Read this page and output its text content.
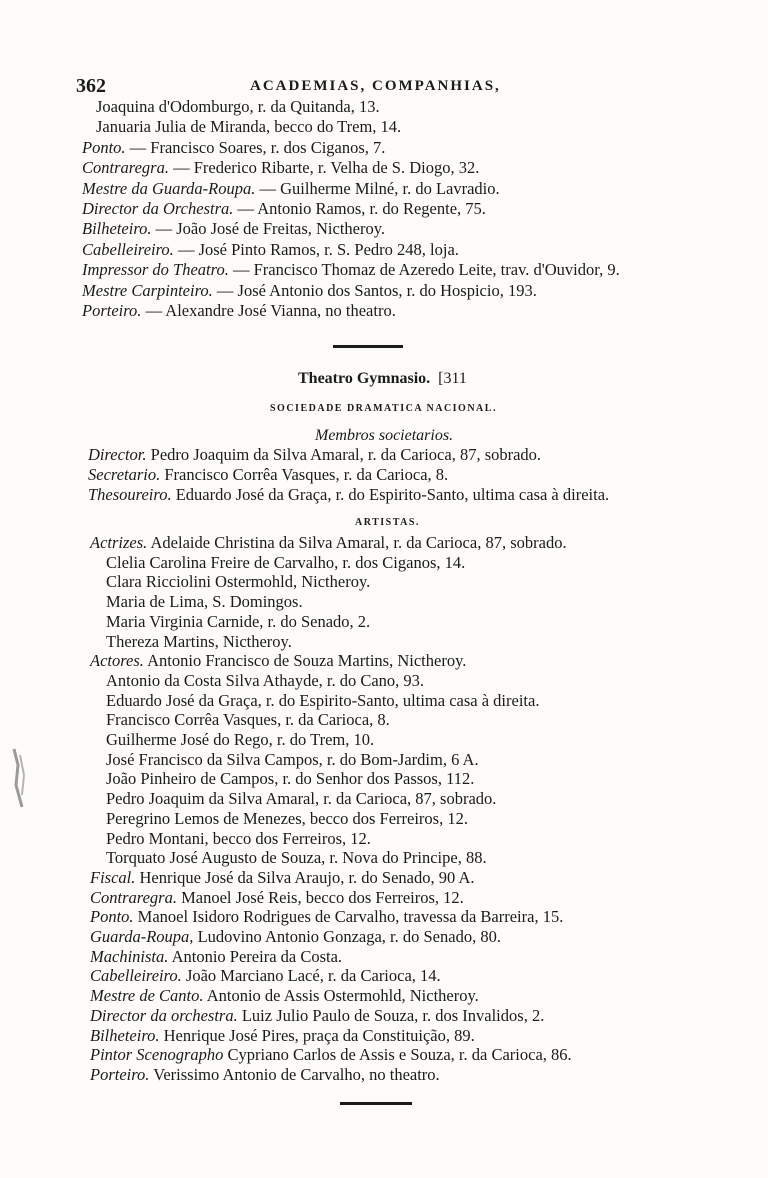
362	ACADEMIAS, COMPANHIAS,
Joaquina d'Odomburgo, r. da Quitanda, 13.
Januaria Julia de Miranda, becco do Trem, 14.
Ponto. — Francisco Soares, r. dos Ciganos, 7.
Contraregra. — Frederico Ribarte, r. Velha de S. Diogo, 32.
Mestre da Guarda-Roupa. — Guilherme Milné, r. do Lavradio.
Director da Orchestra. — Antonio Ramos, r. do Regente, 75.
Bilheteiro. — João José de Freitas, Nictheroy.
Cabelleireiro. — José Pinto Ramos, r. S. Pedro 248, loja.
Impressor do Theatro. — Francisco Thomaz de Azeredo Leite, trav. d'Ouvidor, 9.
Mestre Carpinteiro. — José Antonio dos Santos, r. do Hospicio, 193.
Porteiro. — Alexandre José Vianna, no theatro.
Theatro Gymnasio. [311
SOCIEDADE DRAMATICA NACIONAL.
Membros societarios.
Director. Pedro Joaquim da Silva Amaral, r. da Carioca, 87, sobrado.
Secretario. Francisco Corrêa Vasques, r. da Carioca, 8.
Thesoureiro. Eduardo José da Graça, r. do Espirito-Santo, ultima casa à direita.
ARTISTAS.
Actrizes. Adelaide Christina da Silva Amaral, r. da Carioca, 87, sobrado.
Clelia Carolina Freire de Carvalho, r. dos Ciganos, 14.
Clara Ricciolini Ostermohld, Nictheroy.
Maria de Lima, S. Domingos.
Maria Virginia Carnide, r. do Senado, 2.
Thereza Martins, Nictheroy.
Actores. Antonio Francisco de Souza Martins, Nictheroy.
Antonio da Costa Silva Athayde, r. do Cano, 93.
Eduardo José da Graça, r. do Espirito-Santo, ultima casa à direita.
Francisco Corrêa Vasques, r. da Carioca, 8.
Guilherme José do Rego, r. do Trem, 10.
José Francisco da Silva Campos, r. do Bom-Jardim, 6 A.
João Pinheiro de Campos, r. do Senhor dos Passos, 112.
Pedro Joaquim da Silva Amaral, r. da Carioca, 87, sobrado.
Peregrino Lemos de Menezes, becco dos Ferreiros, 12.
Pedro Montani, becco dos Ferreiros, 12.
Torquato José Augusto de Souza, r. Nova do Principe, 88.
Fiscal. Henrique José da Silva Araujo, r. do Senado, 90 A.
Contraregra. Manoel José Reis, becco dos Ferreiros, 12.
Ponto. Manoel Isidoro Rodrigues de Carvalho, travessa da Barreira, 15.
Guarda-Roupa, Ludovino Antonio Gonzaga, r. do Senado, 80.
Machinista. Antonio Pereira da Costa.
Cabelleireiro. João Marciano Lacé, r. da Carioca, 14.
Mestre de Canto. Antonio de Assis Ostermohld, Nictheroy.
Director da orchestra. Luiz Julio Paulo de Souza, r. dos Invalidos, 2.
Bilheteiro. Henrique José Pires, praça da Constituição, 89.
Pintor Scenographo Cypriano Carlos de Assis e Souza, r. da Carioca, 86.
Porteiro. Verissimo Antonio de Carvalho, no theatro.
